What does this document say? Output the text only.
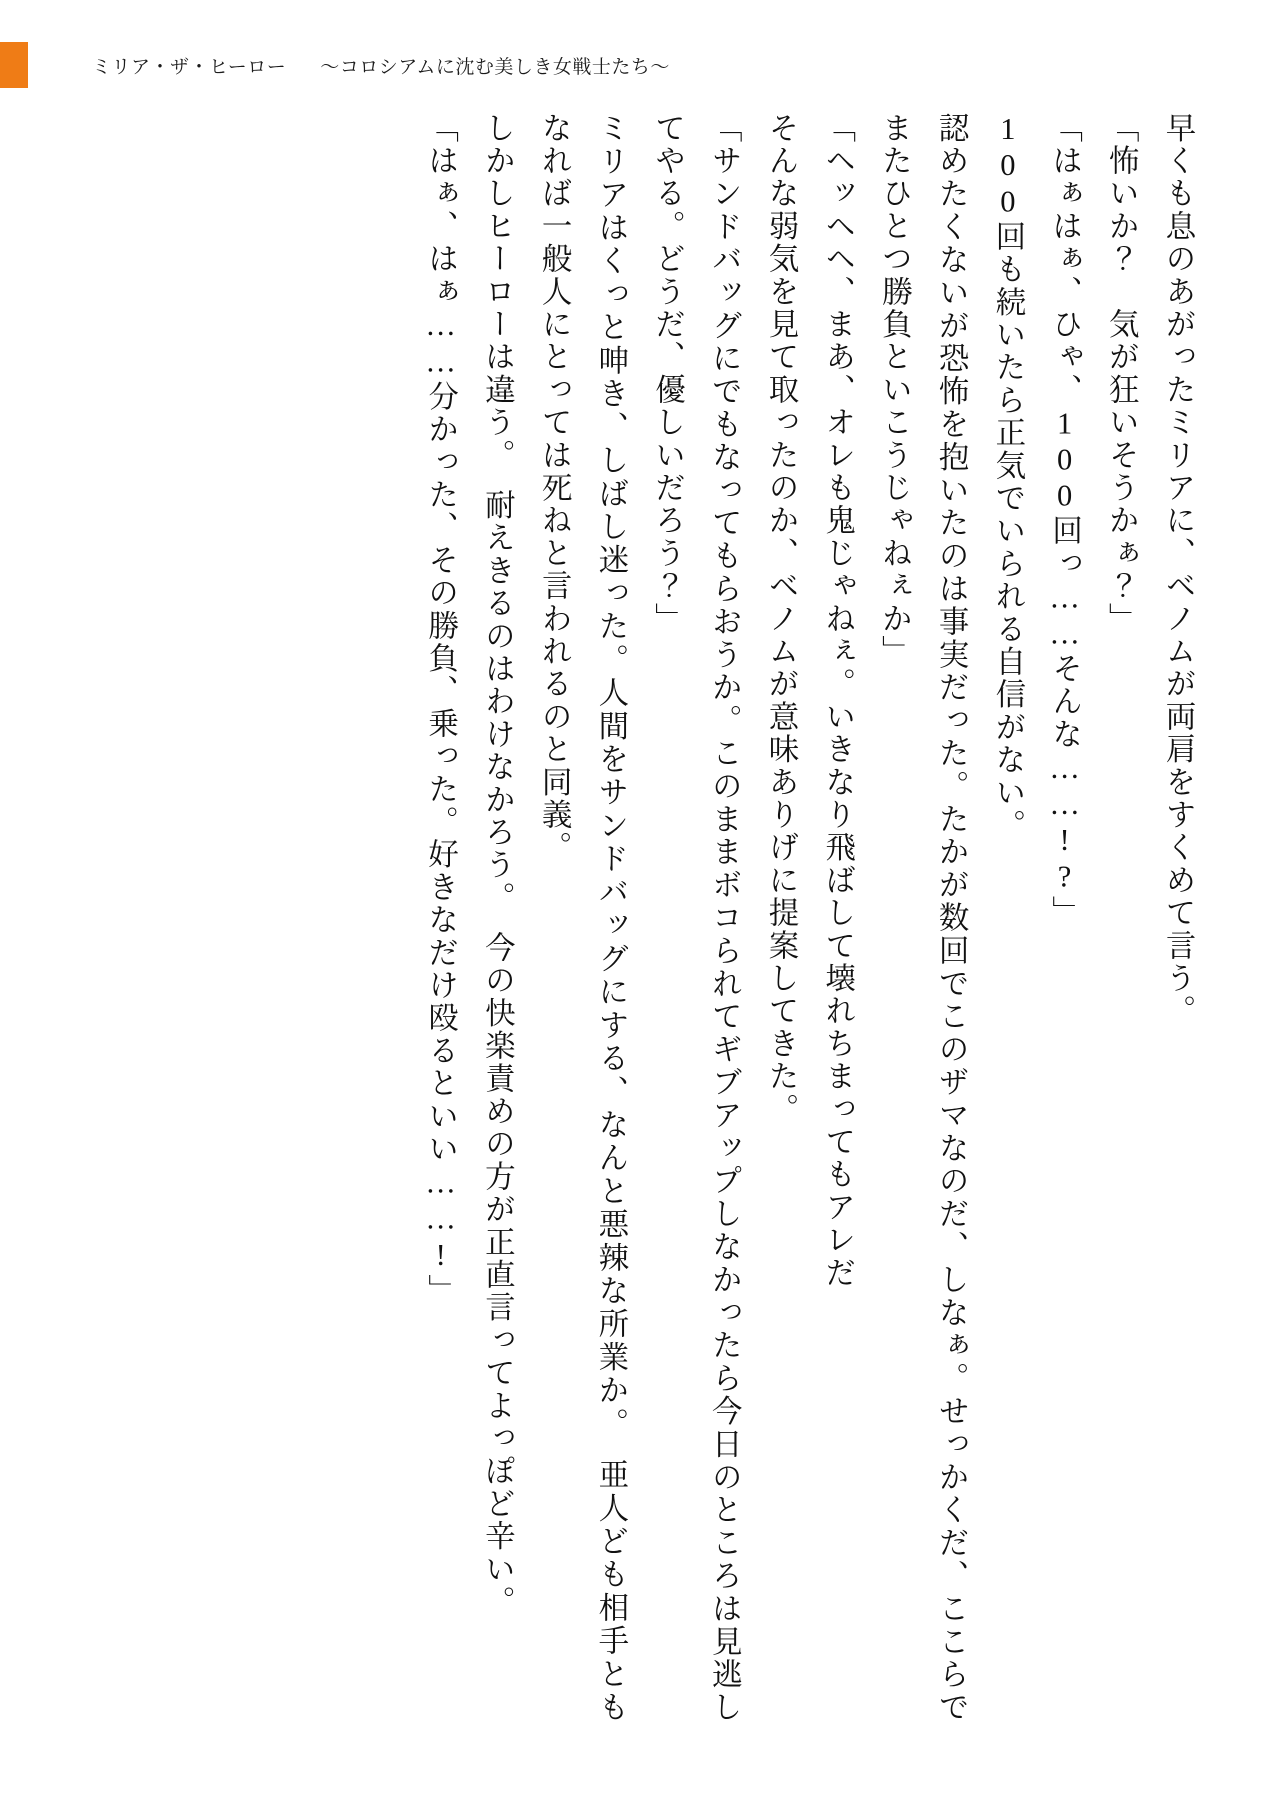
ミリア・ザ・ヒーロー ～コロシアムに沈む美しき女戦士たち～

早くも息のあがったミリアに、ベノムが両肩をすくめて言う。

「怖いか？　気が狂いそうかぁ？」

「はぁはぁ、ひゃ、100回っ……そんな……!?」

100回も続いたら正気でいられる自信がない。

認めたくないが恐怖を抱いたのは事実だった。たかが数回でこのザマなのだ、しなぁ。せっかくだ、ここらでまたひとつ勝負といこうじゃねぇか」

「ヘッヘヘ、まあ、オレも鬼じゃねぇ。いきなり飛ばして壊れちまってもアレだ

そんな弱気を見て取ったのか、ベノムが意味ありげに提案してきた。

「サンドバッグにでもなってもらおうか。このままボコられてギブアップしなかったら今日のところは見逃してやる。どうだ、優しいだろう？」

ミリアはくっと呻き、しばし迷った。人間をサンドバッグにする、なんと悪辣な所業か。　亜人ども相手ともなれば一般人にとっては死ねと言われるのと同義。

しかしヒーローは違う。　耐えきるのはわけなかろう。　今の快楽責めの方が正直言ってよっぽど辛い。

「はぁ、はぁ……分かった、その勝負、乗った。好きなだけ殴るといい……!」
